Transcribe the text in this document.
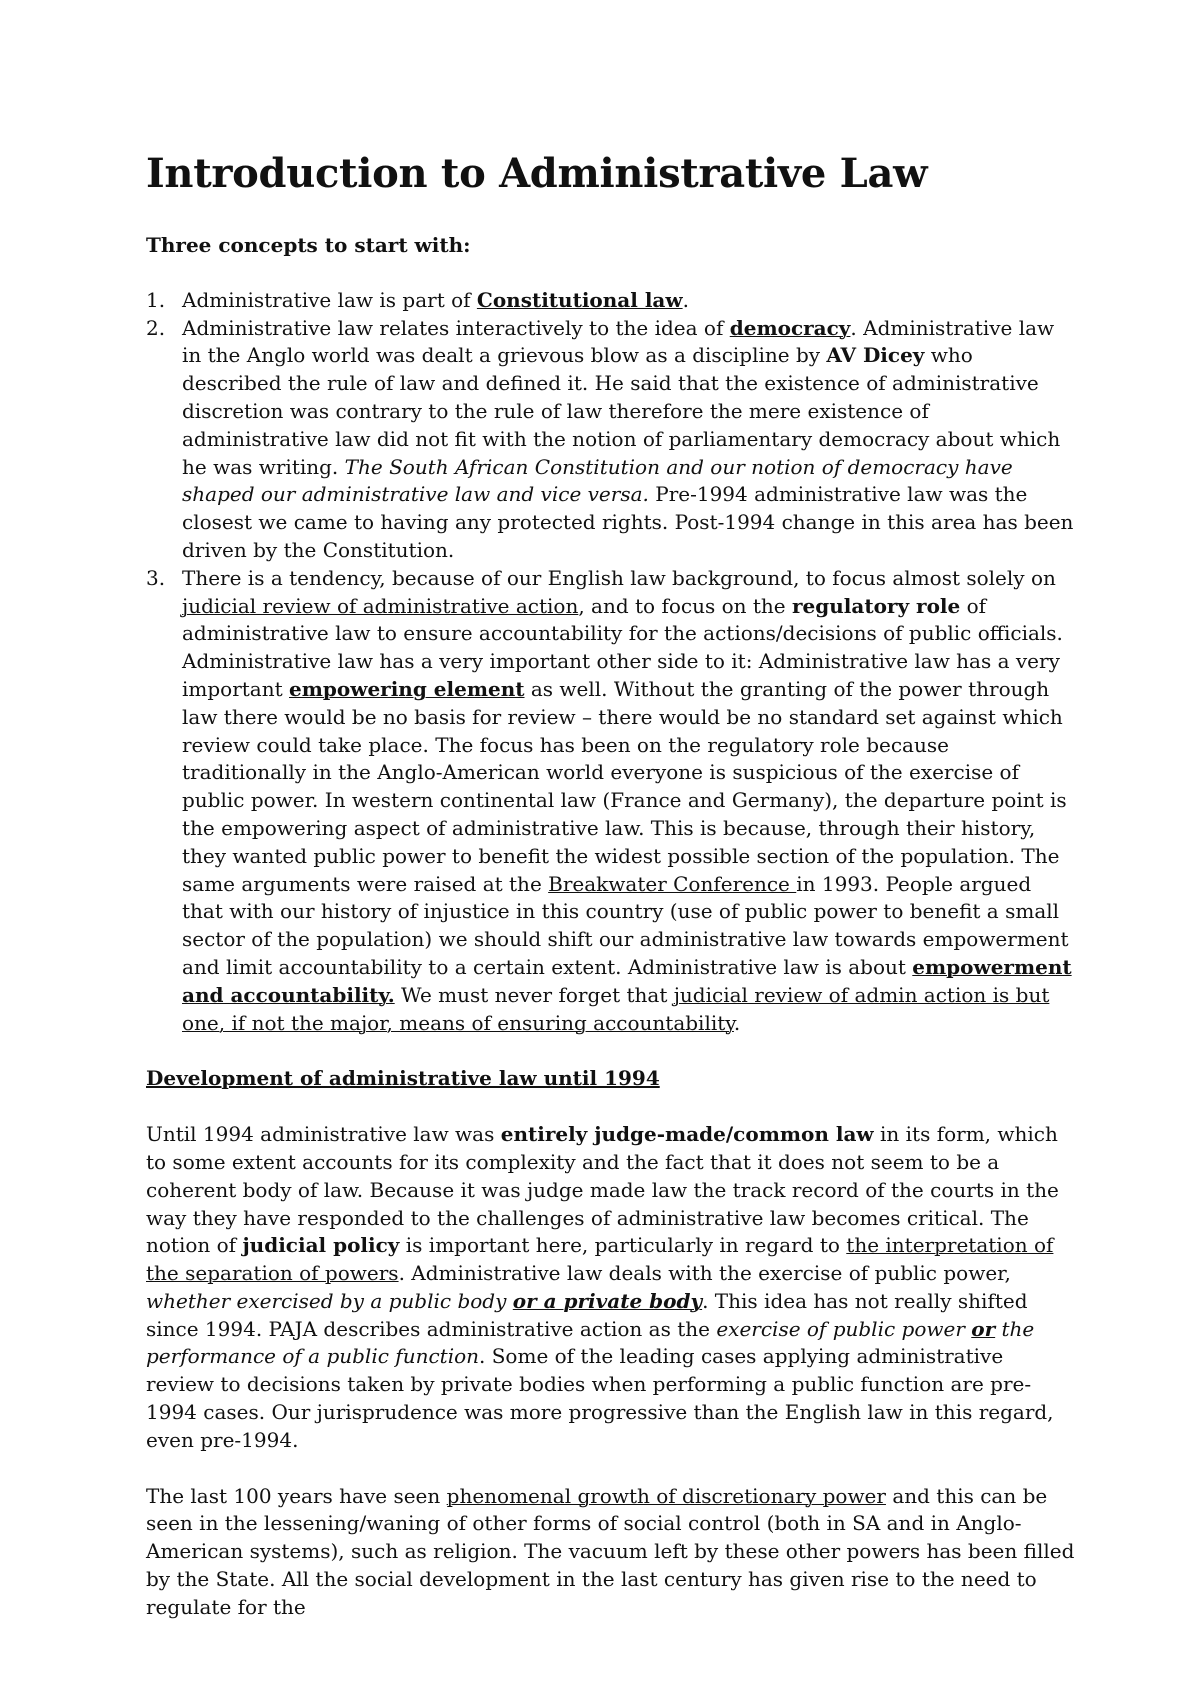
Introduction to Administrative Law
Three concepts to start with:
1. Administrative law is part of Constitutional law.
2. Administrative law relates interactively to the idea of democracy. Administrative law in the Anglo world was dealt a grievous blow as a discipline by AV Dicey who described the rule of law and defined it. He said that the existence of administrative discretion was contrary to the rule of law therefore the mere existence of administrative law did not fit with the notion of parliamentary democracy about which he was writing. The South African Constitution and our notion of democracy have shaped our administrative law and vice versa. Pre-1994 administrative law was the closest we came to having any protected rights. Post-1994 change in this area has been driven by the Constitution.
3. There is a tendency, because of our English law background, to focus almost solely on judicial review of administrative action, and to focus on the regulatory role of administrative law to ensure accountability for the actions/decisions of public officials. Administrative law has a very important other side to it: Administrative law has a very important empowering element as well. Without the granting of the power through law there would be no basis for review – there would be no standard set against which review could take place. The focus has been on the regulatory role because traditionally in the Anglo-American world everyone is suspicious of the exercise of public power. In western continental law (France and Germany), the departure point is the empowering aspect of administrative law. This is because, through their history, they wanted public power to benefit the widest possible section of the population. The same arguments were raised at the Breakwater Conference in 1993. People argued that with our history of injustice in this country (use of public power to benefit a small sector of the population) we should shift our administrative law towards empowerment and limit accountability to a certain extent. Administrative law is about empowerment and accountability. We must never forget that judicial review of admin action is but one, if not the major, means of ensuring accountability.
Development of administrative law until 1994

Until 1994 administrative law was entirely judge-made/common law in its form, which to some extent accounts for its complexity and the fact that it does not seem to be a coherent body of law. Because it was judge made law the track record of the courts in the way they have responded to the challenges of administrative law becomes critical. The notion of judicial policy is important here, particularly in regard to the interpretation of the separation of powers. Administrative law deals with the exercise of public power, whether exercised by a public body or a private body. This idea has not really shifted since 1994. PAJA describes administrative action as the exercise of public power or the performance of a public function. Some of the leading cases applying administrative review to decisions taken by private bodies when performing a public function are pre-1994 cases. Our jurisprudence was more progressive than the English law in this regard, even pre-1994.

The last 100 years have seen phenomenal growth of discretionary power and this can be seen in the lessening/waning of other forms of social control (both in SA and in Anglo-American systems), such as religion. The vacuum left by these other powers has been filled by the State. All the social development in the last century has given rise to the need to regulate for the
